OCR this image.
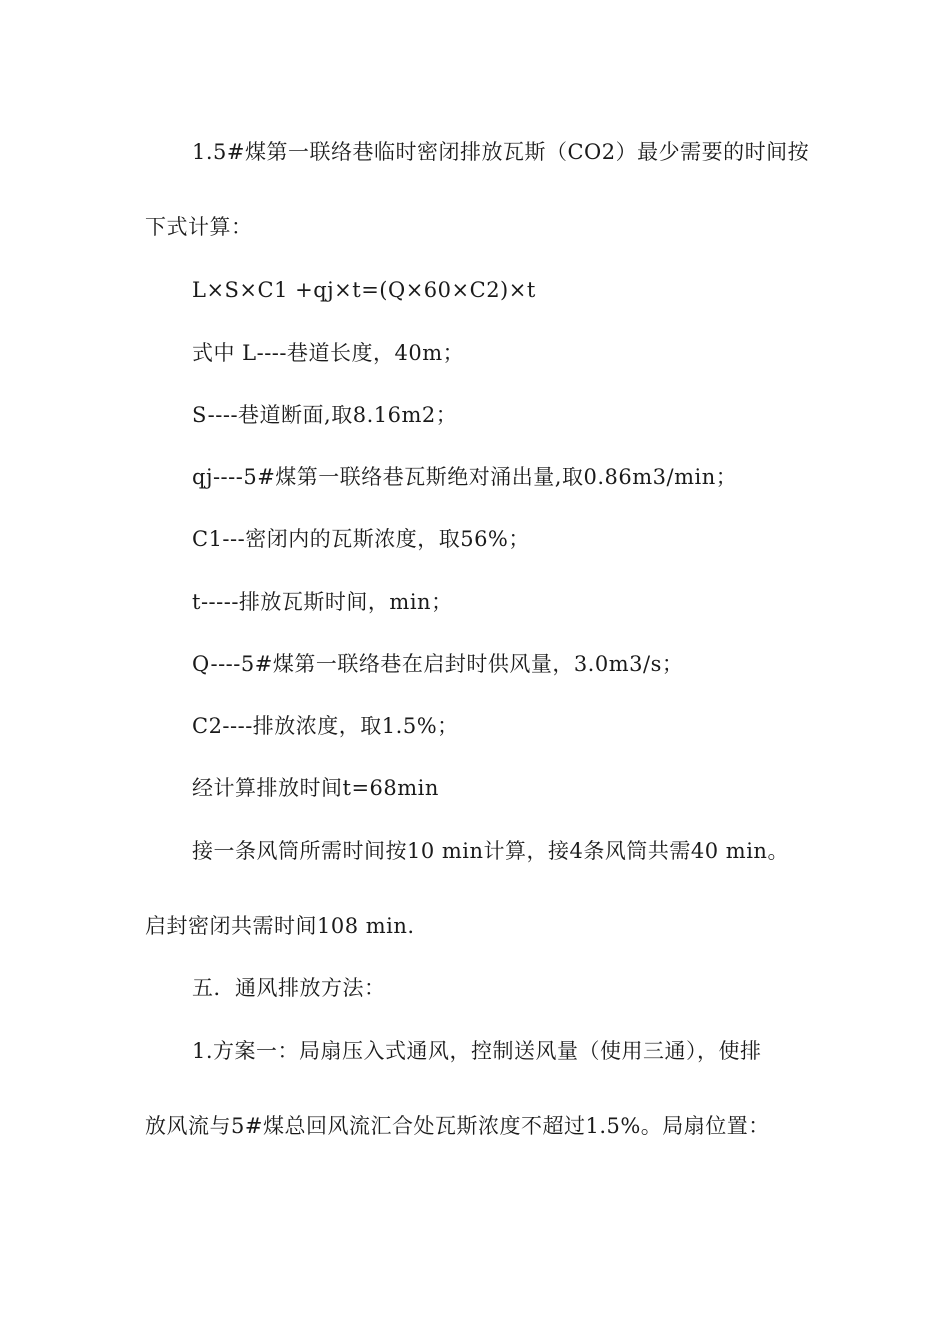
1.5#煤第一联络巷临时密闭排放瓦斯（CO2）最少需要的时间按
下式计算：
L×S×C1 +qj×t=(Q×60×C2)×t
式中 L----巷道长度，40m；
S----巷道断面,取8.16m2；
qj----5#煤第一联络巷瓦斯绝对涌出量,取0.86m3/min；
C1---密闭内的瓦斯浓度，取56%；
t-----排放瓦斯时间，min；
Q----5#煤第一联络巷在启封时供风量，3.0m3/s；
C2----排放浓度，取1.5%；
经计算排放时间t=68min
接一条风筒所需时间按10 min计算，接4条风筒共需40 min。
启封密闭共需时间108 min.
五．通风排放方法：
1.方案一：局扇压入式通风，控制送风量（使用三通），使排
放风流与5#煤总回风流汇合处瓦斯浓度不超过1.5%。局扇位置：
